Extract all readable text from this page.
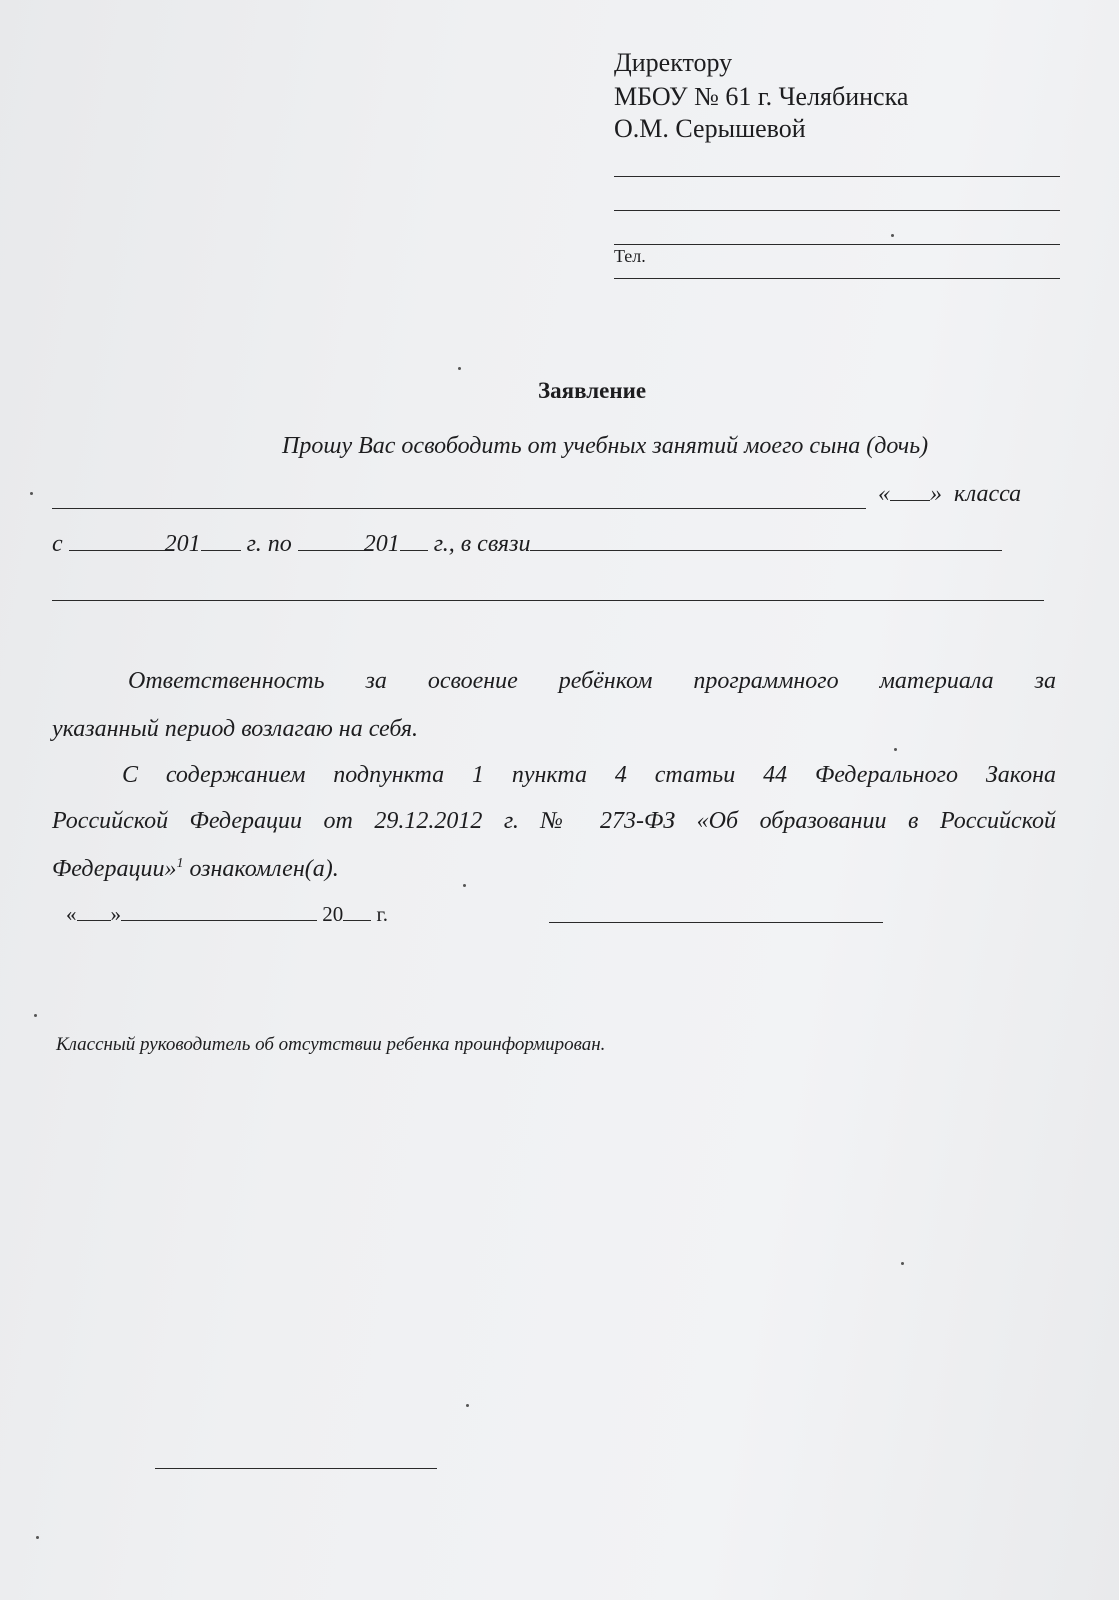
Директору
МБОУ № 61 г. Челябинска
О.М. Серышевой
Тел.
Заявление
Прошу Вас освободить от учебных занятий моего сына (дочь)
« » класса
с	201 г. по	201 г., в связи
Ответственность за освоение ребёнком программного материала за
указанный период возлагаю на себя.
С содержанием подпункта 1 пункта 4 статьи 44 Федерального Закона
Российской Федерации от 29.12.2012 г. № 273-ФЗ «Об образовании в Российской
Федерации»$^1$ ознакомлен(а).
« »	20 г.
Классный руководитель об отсутствии ребенка проинформирован.
